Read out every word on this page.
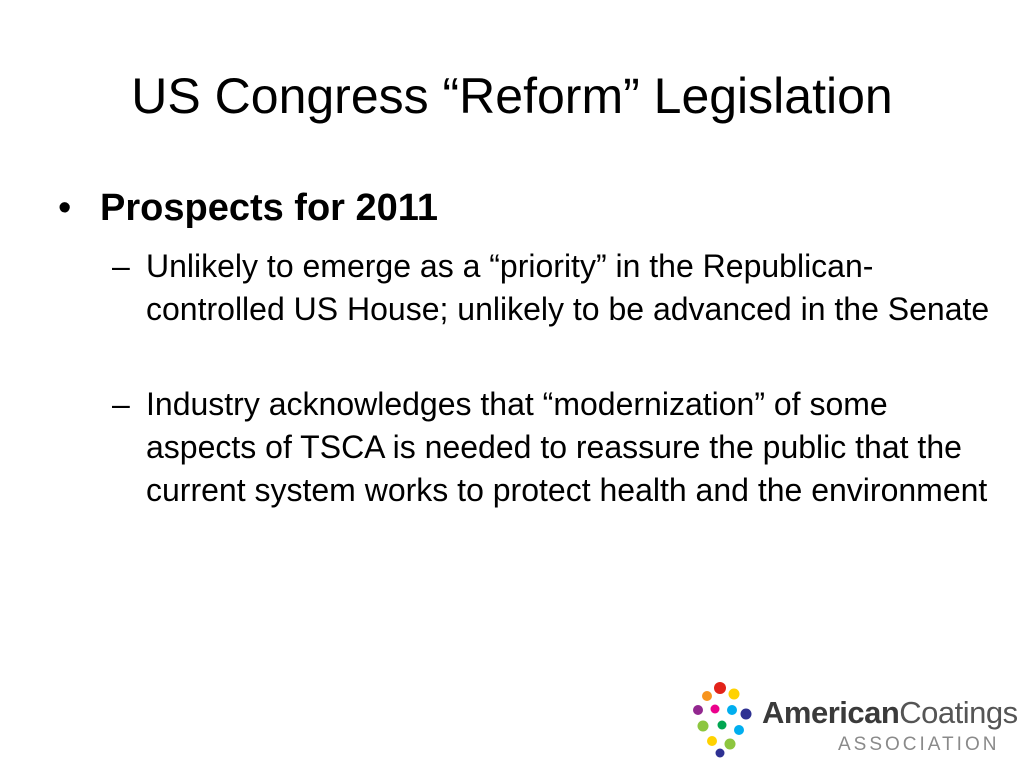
US Congress “Reform” Legislation
• Prospects for 2011
– Unlikely to emerge as a “priority” in the Republican-controlled US House; unlikely to be advanced in the Senate
– Industry acknowledges that “modernization” of some aspects of TSCA is needed to reassure the public that the current system works to protect health and the environment
AmericanCoatings
ASSOCIATION
